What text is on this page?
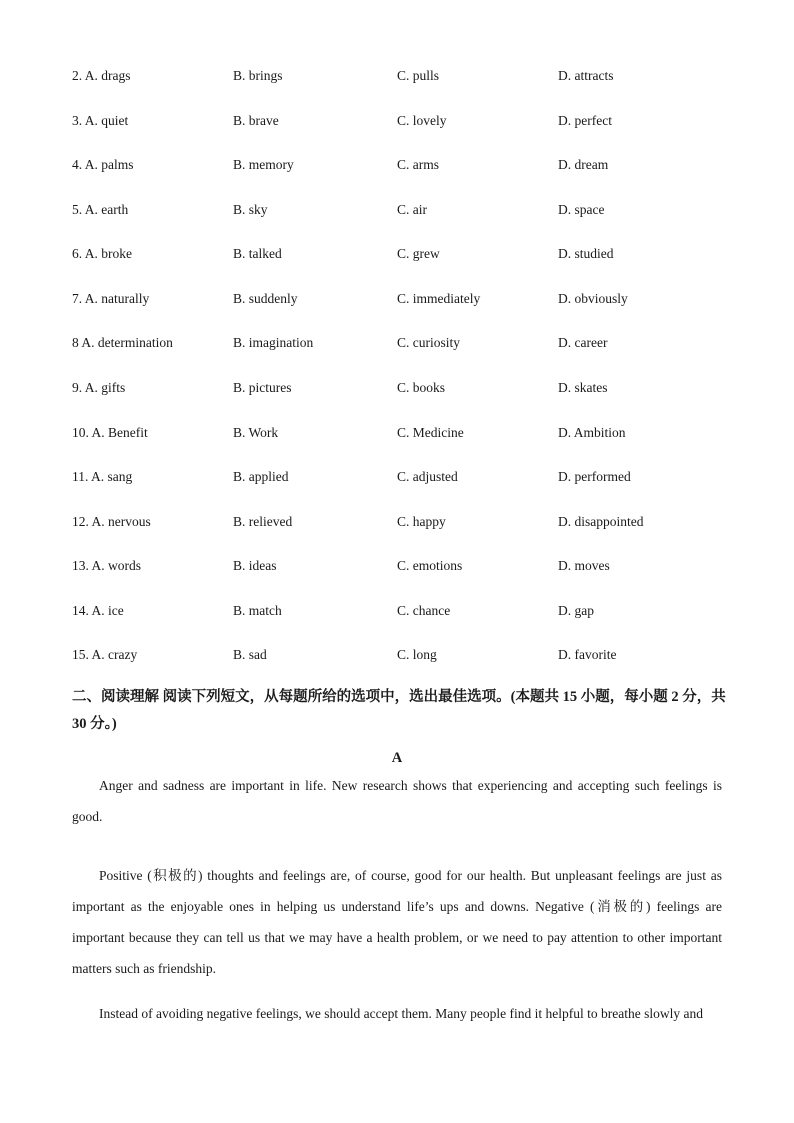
2. A. drags	B. brings	C. pulls	D. attracts
3. A. quiet	B. brave	C. lovely	D. perfect
4. A. palms	B. memory	C. arms	D. dream
5. A. earth	B. sky	C. air	D. space
6. A. broke	B. talked	C. grew	D. studied
7. A. naturally	B. suddenly	C. immediately	D. obviously
8 A. determination	B. imagination	C. curiosity	D. career
9. A. gifts	B. pictures	C. books	D. skates
10. A. Benefit	B. Work	C. Medicine	D. Ambition
11. A. sang	B. applied	C. adjusted	D. performed
12. A. nervous	B. relieved	C. happy	D. disappointed
13. A. words	B. ideas	C. emotions	D. moves
14. A. ice	B. match	C. chance	D. gap
15. A. crazy	B. sad	C. long	D. favorite
二、阅读理解 阅读下列短文，从每题所给的选项中，选出最佳选项。(本题共 15 小题，每小题 2 分，共 30 分。)
A

Anger and sadness are important in life. New research shows that experiencing and accepting such feelings is good.

Positive (积极的) thoughts and feelings are, of course, good for our health. But unpleasant feelings are just as important as the enjoyable ones in helping us understand life’s ups and downs. Negative (消极的) feelings are important because they can tell us that we may have a health problem, or we need to pay attention to other important matters such as friendship.

Instead of avoiding negative feelings, we should accept them. Many people find it helpful to breathe slowly and
